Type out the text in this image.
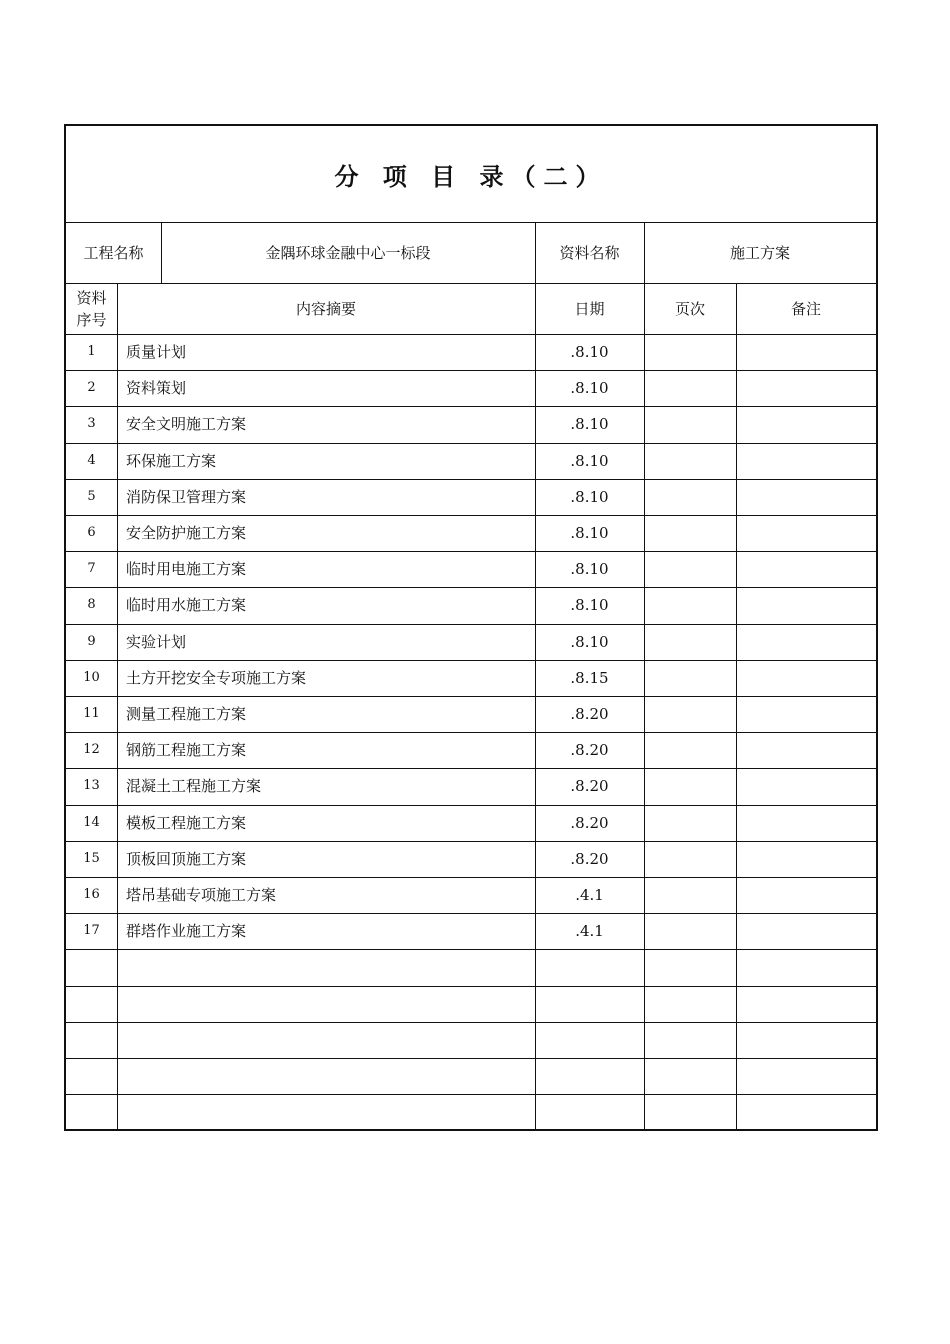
分 项 目 录（二）
工程名称	金隅环球金融中心一标段	资料名称	施工方案
资料
序号
内容摘要	日期	页次	备注
1	质量计划	.8.10
2	资料策划	.8.10
3	安全文明施工方案	.8.10
4	环保施工方案	.8.10
5	消防保卫管理方案	.8.10
6	安全防护施工方案	.8.10
7	临时用电施工方案	.8.10
8	临时用水施工方案	.8.10
9	实验计划	.8.10
10	土方开挖安全专项施工方案	.8.15
11	测量工程施工方案	.8.20
12	钢筋工程施工方案	.8.20
13	混凝土工程施工方案	.8.20
14	模板工程施工方案	.8.20
15	顶板回顶施工方案	.8.20
16	塔吊基础专项施工方案	.4.1
17	群塔作业施工方案	.4.1
